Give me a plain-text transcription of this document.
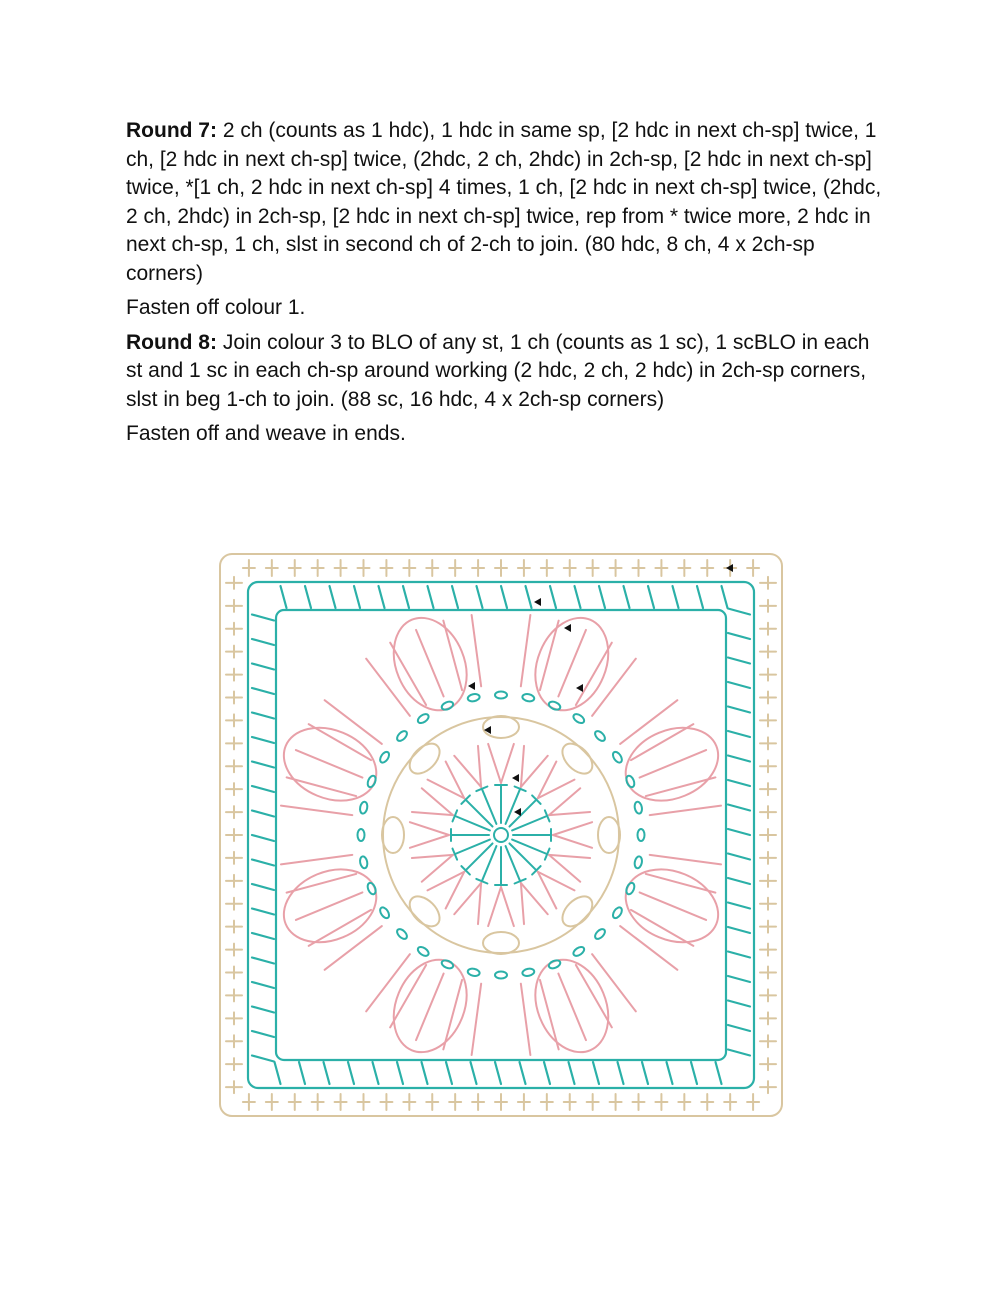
Round 7: 2 ch (counts as 1 hdc), 1 hdc in same sp, [2 hdc in next ch-sp] twice, 1 ch, [2 hdc in next ch-sp] twice, (2hdc, 2 ch, 2hdc) in 2ch-sp, [2 hdc in next ch-sp] twice, *[1 ch, 2 hdc in next ch-sp] 4 times, 1 ch, [2 hdc in next ch-sp] twice, (2hdc, 2 ch, 2hdc) in 2ch-sp, [2 hdc in next ch-sp] twice, rep from * twice more, 2 hdc in next ch-sp, 1 ch, slst in second ch of 2-ch to join. (80 hdc, 8 ch, 4 x 2ch-sp corners)

Fasten off colour 1.

Round 8: Join colour 3 to BLO of any st, 1 ch (counts as 1 sc), 1 scBLO in each st and 1 sc in each ch-sp around working (2 hdc, 2 ch, 2 hdc) in 2ch-sp corners, slst in beg 1-ch to join. (88 sc, 16 hdc, 4 x 2ch-sp corners)

Fasten off and weave in ends.
